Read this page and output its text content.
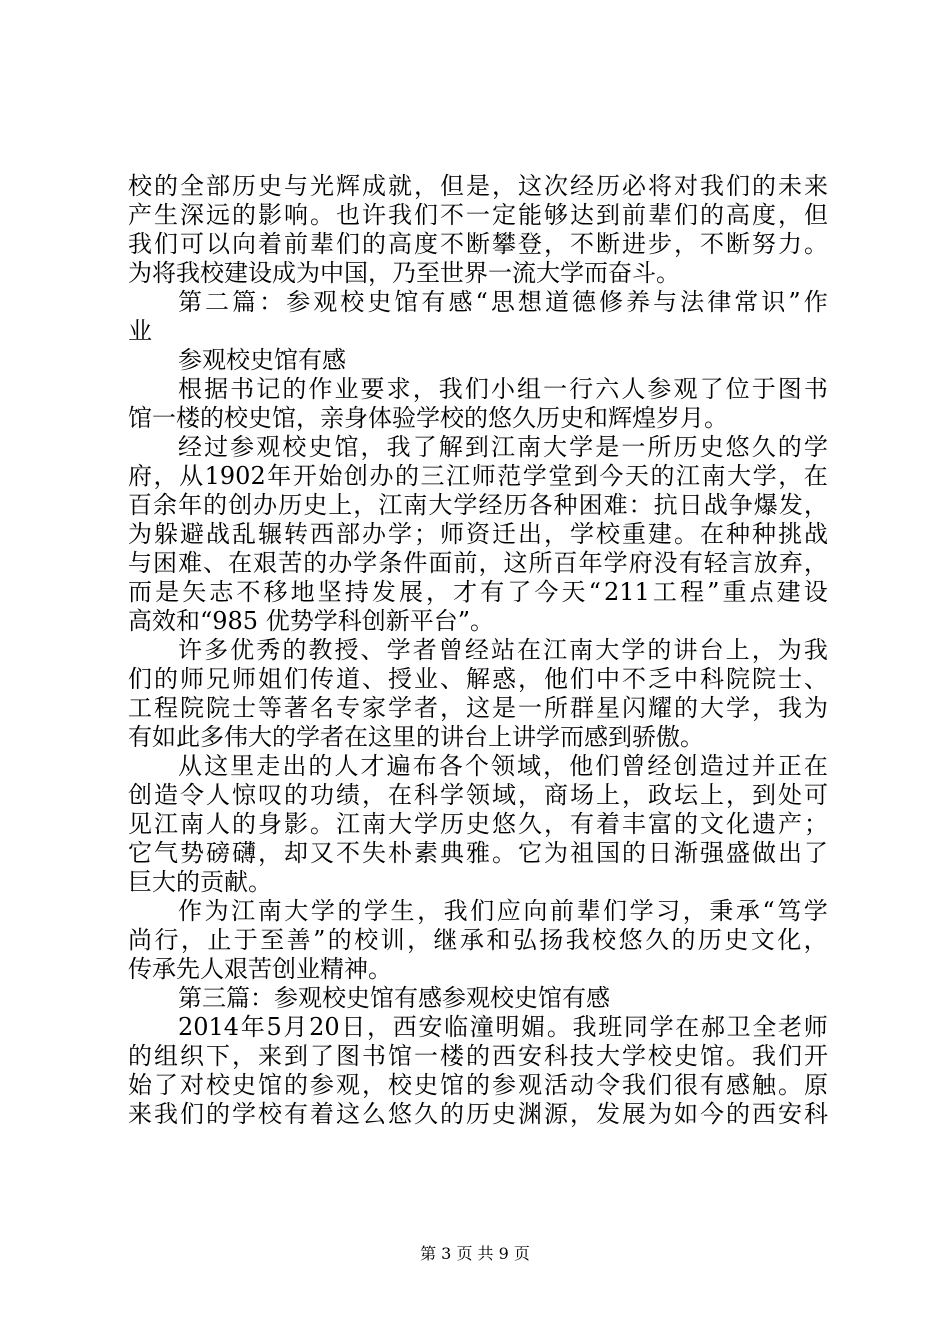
校 的 全 部 历 史 与 光 辉 成 就 ， 但 是 ， 这 次 经 历 必 将 对 我 们 的 未 来
产 生 深 远 的 影 响 。 也 许 我 们 不 一 定 能 够 达 到 前 辈 们 的 高 度 ， 但
我 们 可 以 向 着 前 辈 们 的 高 度 不 断 攀 登 ， 不 断 进 步 ， 不 断 努 力 。
为将我校建设成为中国，乃至世界一流大学而奋斗。
第 二 篇 ： 参 观 校 史 馆 有 感 “ 思 想 道 德 修 养 与 法 律 常 识 ” 作
业
参观校史馆有感
根 据 书 记 的 作 业 要 求 ， 我 们 小 组 一 行 六 人 参 观 了 位 于 图 书
馆一楼的校史馆，亲身体验学校的悠久历史和辉煌岁月。
经 过 参 观 校 史 馆 ， 我 了 解 到 江 南 大 学 是 一 所 历 史 悠 久 的 学
府 ， 从 1902 年 开 始 创 办 的 三 江 师 范 学 堂 到 今 天 的 江 南 大 学 ， 在
百 余 年 的 创 办 历 史 上 ， 江 南 大 学 经 历 各 种 困 难 ： 抗 日 战 争 爆 发 ，
为 躲 避 战 乱 辗 转 西 部 办 学 ； 师 资 迁 出 ， 学 校 重 建 。 在 种 种 挑 战
与 困 难 、 在 艰 苦 的 办 学 条 件 面 前 ， 这 所 百 年 学 府 没 有 轻 言 放 弃 ，
而 是 矢 志 不 移 地 坚 持 发 展 ， 才 有 了 今 天 “ 211 工 程 ” 重 点 建 设
高效和“985 优势学科创新平台”。
许 多 优 秀 的 教 授 、 学 者 曾 经 站 在 江 南 大 学 的 讲 台 上 ， 为 我
们 的 师 兄 师 姐 们 传 道 、 授 业 、 解 惑 ， 他 们 中 不 乏 中 科 院 院 士 、
工 程 院 院 士 等 著 名 专 家 学 者 ， 这 是 一 所 群 星 闪 耀 的 大 学 ， 我 为
有如此多伟大的学者在这里的讲台上讲学而感到骄傲。
从 这 里 走 出 的 人 才 遍 布 各 个 领 域 ， 他 们 曾 经 创 造 过 并 正 在
创 造 令 人 惊 叹 的 功 绩 ， 在 科 学 领 域 ， 商 场 上 ， 政 坛 上 ， 到 处 可
见 江 南 人 的 身 影 。 江 南 大 学 历 史 悠 久 ， 有 着 丰 富 的 文 化 遗 产 ；
它 气 势 磅 礴 ， 却 又 不 失 朴 素 典 雅 。 它 为 祖 国 的 日 渐 强 盛 做 出 了
巨大的贡献。
作 为 江 南 大 学 的 学 生 ， 我 们 应 向 前 辈 们 学 习 ， 秉 承 “ 笃 学
尚 行 ， 止 于 至 善 ” 的 校 训 ， 继 承 和 弘 扬 我 校 悠 久 的 历 史 文 化 ，
传承先人艰苦创业精神。
第三篇：参观校史馆有感参观校史馆有感
2014 年 5 月 20 日 ， 西 安 临 潼 明 媚 。 我 班 同 学 在 郝 卫 全 老 师
的 组 织 下 ， 来 到 了 图 书 馆 一 楼 的 西 安 科 技 大 学 校 史 馆 。 我 们 开
始 了 对 校 史 馆 的 参 观 ， 校 史 馆 的 参 观 活 动 令 我 们 很 有 感 触 。 原
来 我 们 的 学 校 有 着 这 么 悠 久 的 历 史 渊 源 ， 发 展 为 如 今 的 西 安 科
第 3 页 共 9 页
